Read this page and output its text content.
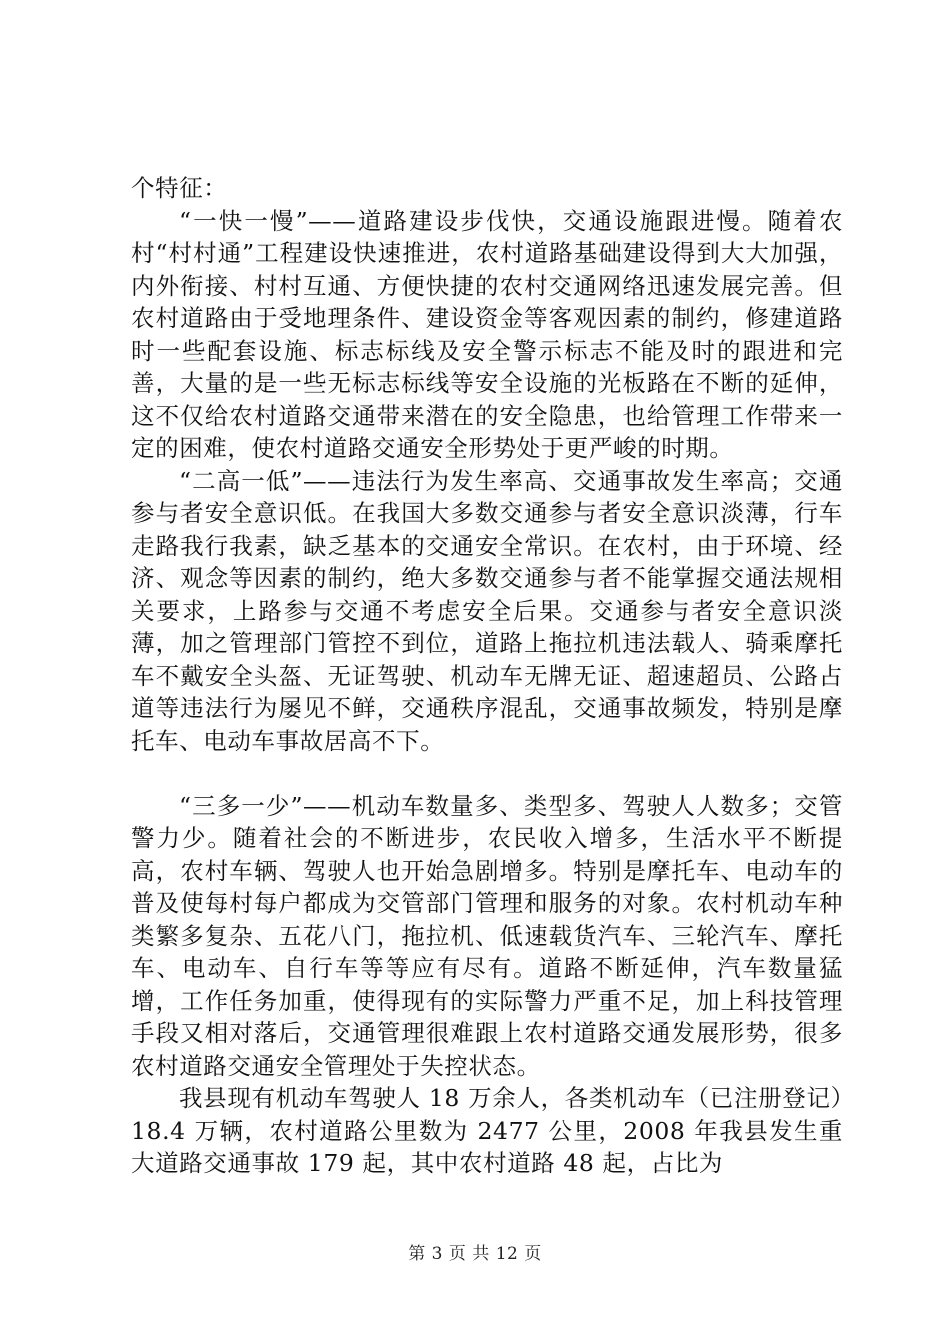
个特征：

“一快一慢”——道路建设步伐快，交通设施跟进慢。随着农村“村村通”工程建设快速推进，农村道路基础建设得到大大加强，内外衔接、村村互通、方便快捷的农村交通网络迅速发展完善。但农村道路由于受地理条件、建设资金等客观因素的制约，修建道路时一些配套设施、标志标线及安全警示标志不能及时的跟进和完善，大量的是一些无标志标线等安全设施的光板路在不断的延伸，这不仅给农村道路交通带来潜在的安全隐患，也给管理工作带来一定的困难，使农村道路交通安全形势处于更严峻的时期。

“二高一低”——违法行为发生率高、交通事故发生率高；交通参与者安全意识低。在我国大多数交通参与者安全意识淡薄，行车走路我行我素，缺乏基本的交通安全常识。在农村，由于环境、经济、观念等因素的制约，绝大多数交通参与者不能掌握交通法规相关要求，上路参与交通不考虑安全后果。交通参与者安全意识淡薄，加之管理部门管控不到位，道路上拖拉机违法载人、骑乘摩托车不戴安全头盔、无证驾驶、机动车无牌无证、超速超员、公路占道等违法行为屡见不鲜，交通秩序混乱，交通事故频发，特别是摩托车、电动车事故居高不下。

“三多一少”——机动车数量多、类型多、驾驶人人数多；交管警力少。随着社会的不断进步，农民收入增多，生活水平不断提高，农村车辆、驾驶人也开始急剧增多。特别是摩托车、电动车的普及使每村每户都成为交管部门管理和服务的对象。农村机动车种类繁多复杂、五花八门，拖拉机、低速载货汽车、三轮汽车、摩托车、电动车、自行车等等应有尽有。道路不断延伸，汽车数量猛增，工作任务加重，使得现有的实际警力严重不足，加上科技管理手段又相对落后，交通管理很难跟上农村道路交通发展形势，很多农村道路交通安全管理处于失控状态。

我县现有机动车驾驶人 18 万余人，各类机动车（已注册登记）18.4 万辆，农村道路公里数为 2477 公里，2008 年我县发生重大道路交通事故 179 起，其中农村道路 48 起，占比为

第 3 页 共 12 页
